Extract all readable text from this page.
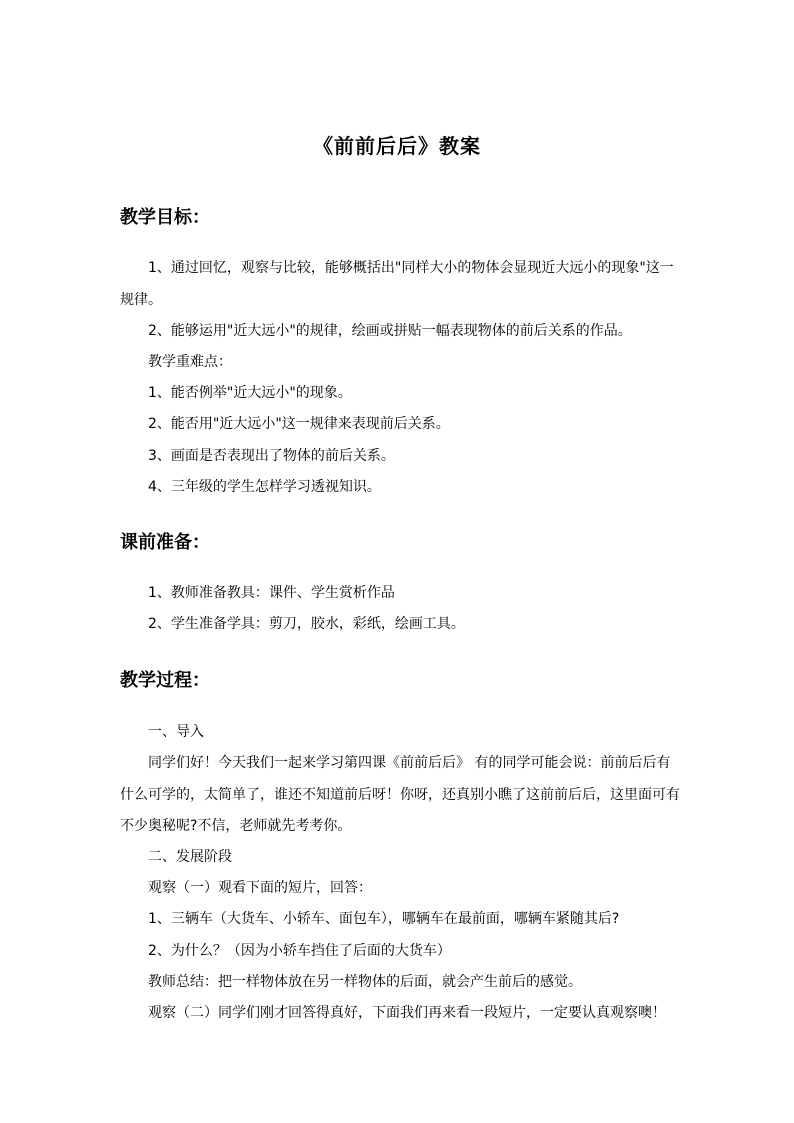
《前前后后》教案
教学目标：
1、通过回忆，观察与比较，能够概括出"同样大小的物体会显现近大远小的现象"这一
规律。
2、能够运用"近大远小"的规律，绘画或拼贴一幅表现物体的前后关系的作品。
教学重难点：
1、能否例举"近大远小"的现象。
2、能否用"近大远小"这一规律来表现前后关系。
3、画面是否表现出了物体的前后关系。
4、三年级的学生怎样学习透视知识。
课前准备：
1、教师准备教具：课件、学生赏析作品
2、学生准备学具：剪刀，胶水，彩纸，绘画工具。
教学过程：
一、导入
同学们好！今天我们一起来学习第四课《前前后后》 有的同学可能会说：前前后后有
什么可学的，太简单了，谁还不知道前后呀！你呀，还真别小瞧了这前前后后，这里面可有
不少奥秘呢?不信，老师就先考考你。
二、发展阶段
观察（一）观看下面的短片，回答：
1、三辆车（大货车、小轿车、面包车），哪辆车在最前面，哪辆车紧随其后?
2、为什么？（因为小轿车挡住了后面的大货车）
教师总结：把一样物体放在另一样物体的后面，就会产生前后的感觉。
观察（二）同学们刚才回答得真好，下面我们再来看一段短片，一定要认真观察噢！
